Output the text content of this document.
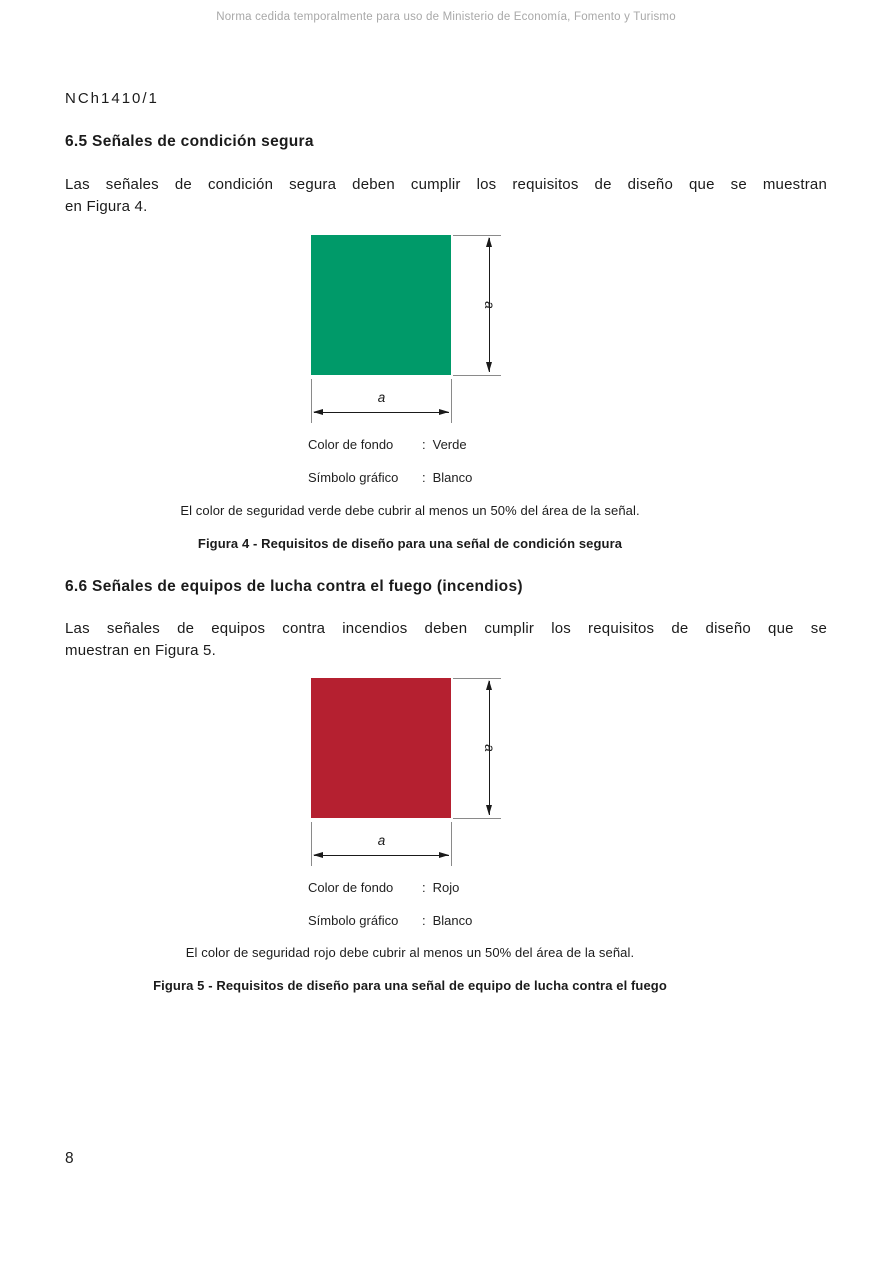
Norma cedida temporalmente para uso de Ministerio de Economía, Fomento y Turismo
NCh1410/1
6.5 Señales de condición segura
Las señales de condición segura deben cumplir los requisitos de diseño que se muestran
en Figura 4.
a
a
Color de fondo	: Verde
Símbolo gráfico	: Blanco
El color de seguridad verde debe cubrir al menos un 50% del área de la señal.
Figura 4 - Requisitos de diseño para una señal de condición segura
6.6 Señales de equipos de lucha contra el fuego (incendios)
Las señales de equipos contra incendios deben cumplir los requisitos de diseño que se
muestran en Figura 5.
a
a
Color de fondo	: Rojo
Símbolo gráfico	: Blanco
El color de seguridad rojo debe cubrir al menos un 50% del área de la señal.
Figura 5 - Requisitos de diseño para una señal de equipo de lucha contra el fuego
8
